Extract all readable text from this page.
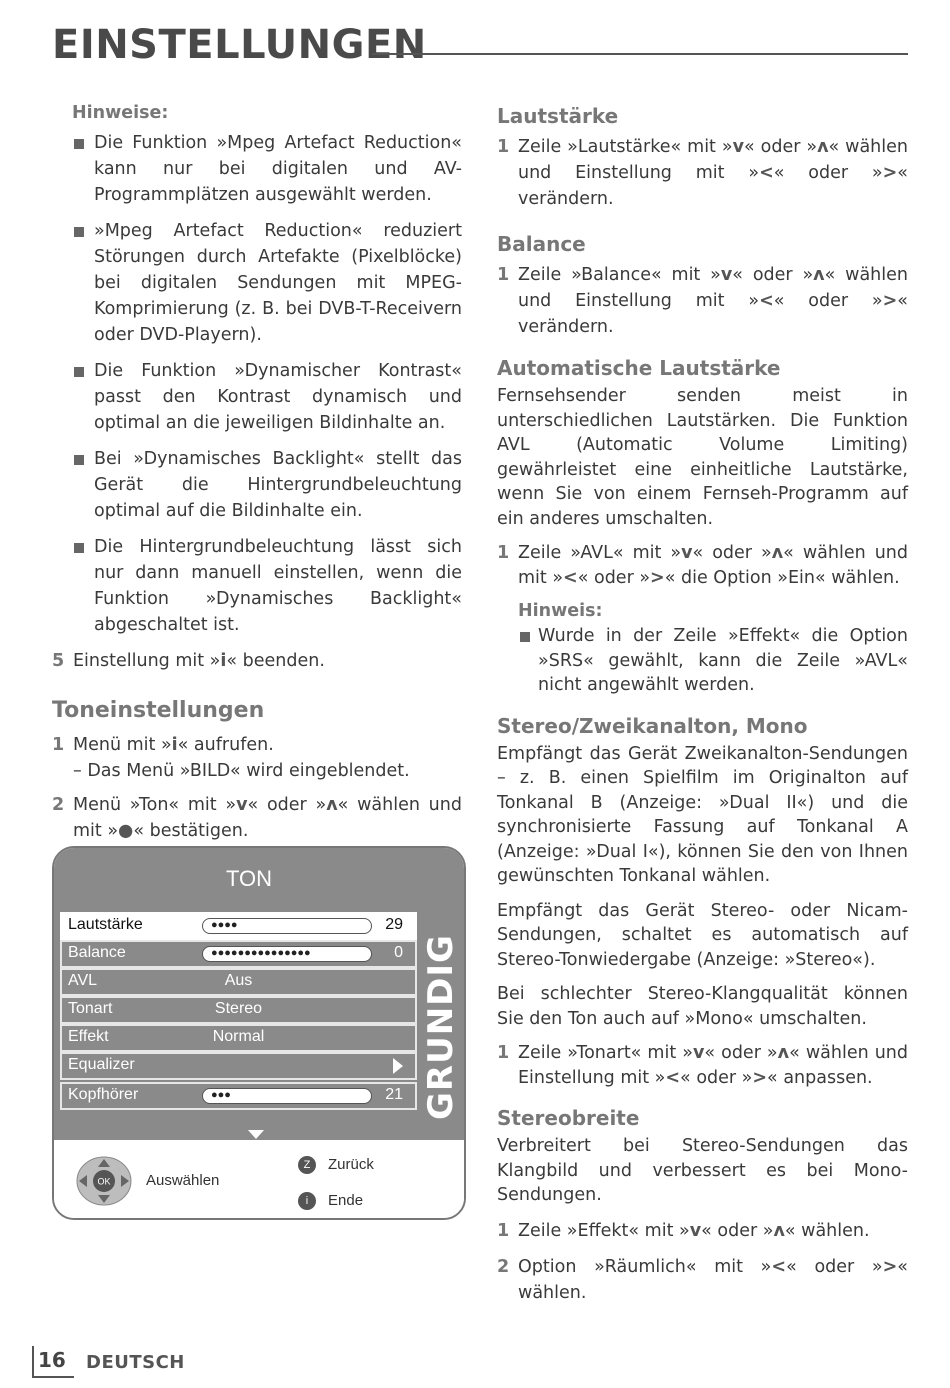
EINSTELLUNGEN
Hinweise:
Die Funktion »Mpeg Artefact Reduction« kann nur bei digitalen und AV-Programmplätzen ausgewählt werden.
»Mpeg Artefact Reduction« reduziert Störungen durch Artefakte (Pixelblöcke) bei digitalen Sendungen mit MPEG-Komprimierung (z. B. bei DVB-T-Receivern oder DVD-Playern).
Die Funktion »Dynamischer Kontrast« passt den Kontrast dynamisch und optimal an die jeweiligen Bildinhalte an.
Bei »Dynamisches Backlight« stellt das Gerät die Hintergrundbeleuchtung optimal auf die Bildinhalte ein.
Die Hintergrundbeleuchtung lässt sich nur dann manuell einstellen, wenn die Funktion »Dynamisches Backlight« abgeschaltet ist.
5 Einstellung mit »i« beenden.
Toneinstellungen
1 Menü mit »i« aufrufen.
– Das Menü »BILD« wird eingeblendet.
2 Menü »Ton« mit »v« oder »ʌ« wählen und mit »●« bestätigen.
TON
Lautstärke	●●●●	29
Balance	●●●●●●●●●●●●●●●	0
AVL	Aus
Tonart	Stereo
Effekt	Normal
Equalizer
Kopfhörer	●●●	21 GRUNDIG
OK Auswählen
Z	Zurück
i	Ende
Lautstärke
1 Zeile »Lautstärke« mit »v« oder »ʌ« wählen und Einstellung mit »<« oder »>« verändern.
Balance
1 Zeile »Balance« mit »v« oder »ʌ« wählen und Einstellung mit »<« oder »>« verändern.
Automatische Lautstärke

Fernsehsender senden meist in unterschiedlichen Lautstärken. Die Funktion AVL (Automatic Volume Limiting) gewährleistet eine einheitliche Lautstärke, wenn Sie von einem Fernseh-Programm auf ein anderes umschalten.

1 Zeile »AVL« mit »v« oder »ʌ« wählen und mit »<« oder »>« die Option »Ein« wählen.
Hinweis:
Wurde in der Zeile »Effekt« die Option »SRS« gewählt, kann die Zeile »AVL« nicht angewählt werden.
Stereo/Zweikanalton, Mono

Empfängt das Gerät Zweikanalton-Sendungen – z. B. einen Spielfilm im Originalton auf Tonkanal B (Anzeige: »Dual II«) und die synchronisierte Fassung auf Tonkanal A (Anzeige: »Dual I«), können Sie den von Ihnen gewünschten Tonkanal wählen.

Empfängt das Gerät Stereo- oder Nicam-Sendungen, schaltet es automatisch auf Stereo-Tonwiedergabe (Anzeige: »Stereo«).

Bei schlechter Stereo-Klangqualität können Sie den Ton auch auf »Mono« umschalten.

1 Zeile »Tonart« mit »v« oder »ʌ« wählen und Einstellung mit »<« oder »>« anpassen.
Stereobreite

Verbreitert bei Stereo-Sendungen das Klangbild und verbessert es bei Mono-Sendungen.

1 Zeile »Effekt« mit »v« oder »ʌ« wählen.
2 Option »Räumlich« mit »<« oder »>« wählen.
16 DEUTSCH
